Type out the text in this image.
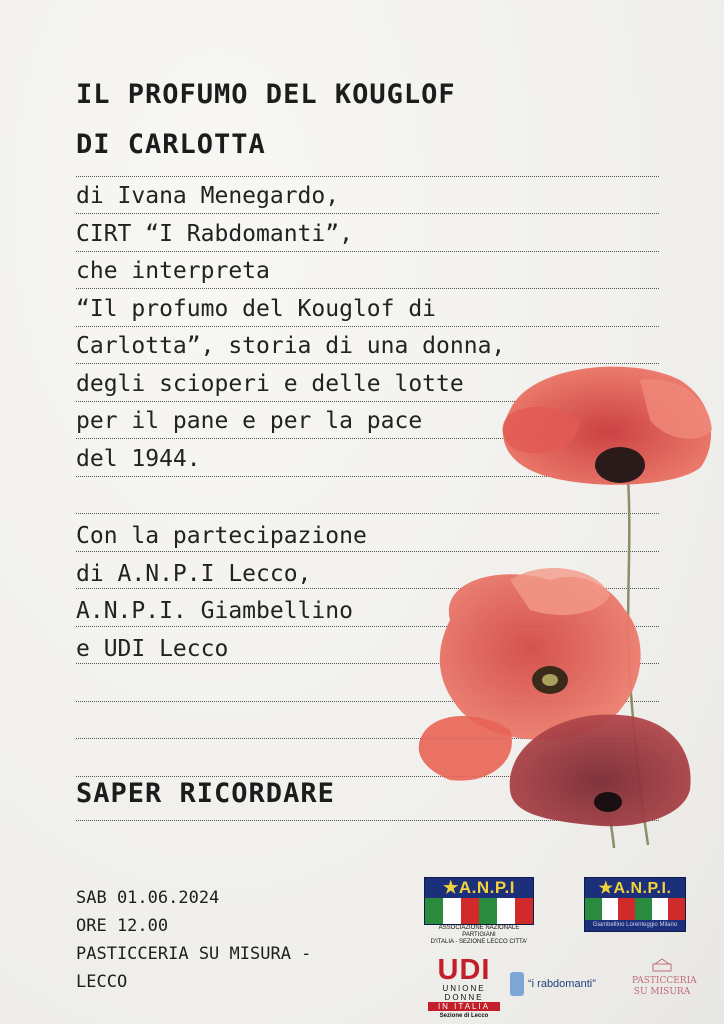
IL PROFUMO DEL KOUGLOF
DI CARLOTTA
di Ivana Menegardo,
CIRT “I Rabdomanti”,
che interpreta
“Il profumo del Kouglof di
Carlotta”, storia di una donna,
degli scioperi e delle lotte
per il pane e per la pace
del 1944.
Con la partecipazione
di A.N.P.I Lecco,
A.N.P.I. Giambellino
e UDI Lecco
SAPER RICORDARE
SAB 01.06.2024
ORE 12.00
PASTICCERIA SU MISURA -
LECCO
★A.N.P.I
ASSOCIAZIONE NAZIONALE PARTIGIANI
D'ITALIA - SEZIONE LECCO CITTA'
★A.N.P.I.
Giambellino Lorenteggio Milano
UDI
UNIONE
DONNE
IN ITALIA
Sezione di Lecco
“i rabdomanti”	PASTICCERIA
SU MISURA
